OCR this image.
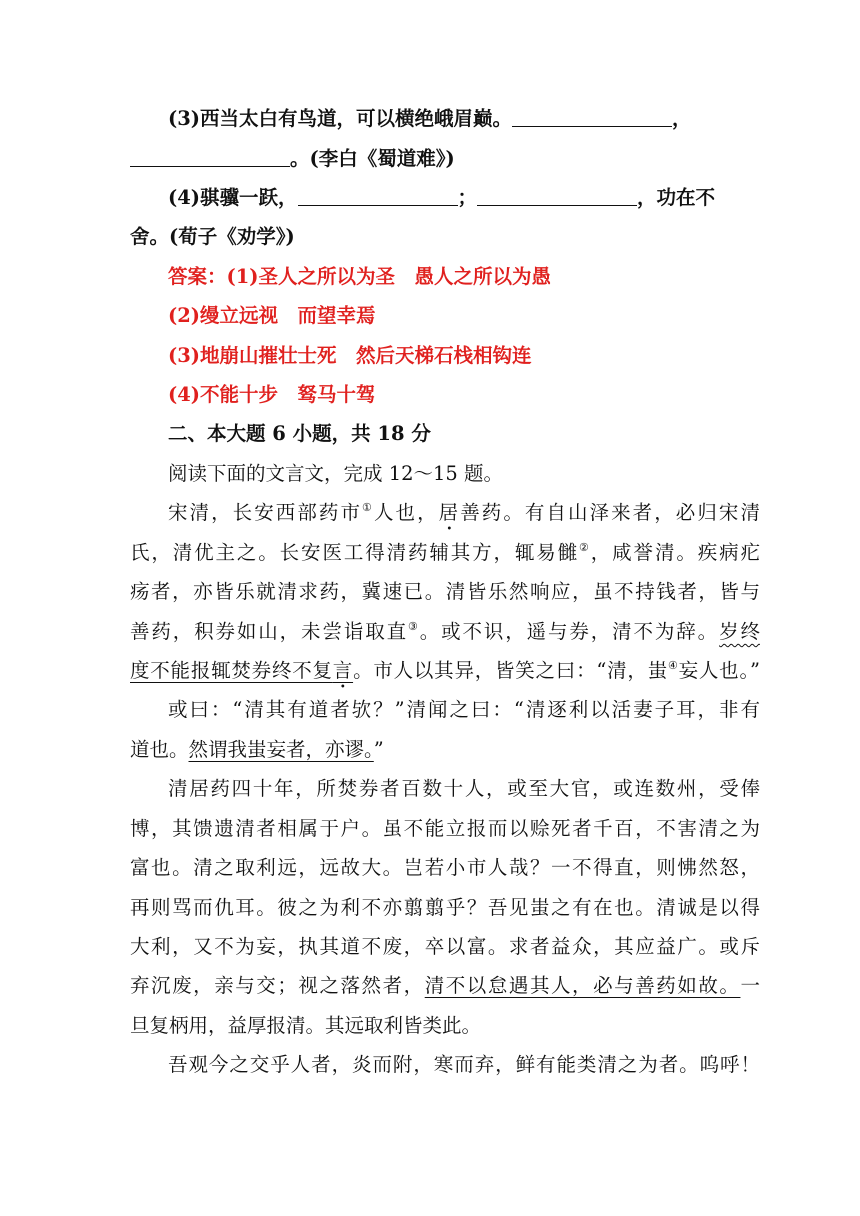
(3)西当太白有鸟道，可以横绝峨眉巅。	，
。(李白《蜀道难》)
(4)骐骥一跃，	；	，功在不
舍。(荀子《劝学》)
答案：(1)圣人之所以为圣　愚人之所以为愚
(2)缦立远视　而望幸焉
(3)地崩山摧壮士死　然后天梯石栈相钩连
(4)不能十步　驽马十驾
二、本大题 6 小题，共 18 分
阅读下面的文言文，完成 12～15 题。
宋清，长安西部药市①人也，居善药。有自山泽来者，必归宋清
氏，清优主之。长安医工得清药辅其方，辄易雠②，咸誉清。疾病疕
疡者，亦皆乐就清求药，冀速已。清皆乐然响应，虽不持钱者，皆与
善药，积券如山，未尝诣取直③。或不识，遥与券，清不为辞。岁终
度不能报辄焚券终不复言。市人以其异，皆笑之曰：“清，蚩④妄人也。”
或曰：“清其有道者欤？”清闻之曰：“清逐利以活妻子耳，非有
道也。然谓我蚩妄者，亦谬。”
清居药四十年，所焚券者百数十人，或至大官，或连数州，受俸
博，其馈遗清者相属于户。虽不能立报而以赊死者千百，不害清之为
富也。清之取利远，远故大。岂若小市人哉？一不得直，则怫然怒，
再则骂而仇耳。彼之为利不亦翦翦乎？吾见蚩之有在也。清诚是以得
大利，又不为妄，执其道不废，卒以富。求者益众，其应益广。或斥
弃沉废，亲与交；视之落然者，清不以怠遇其人，必与善药如故。一
旦复柄用，益厚报清。其远取利皆类此。
吾观今之交乎人者，炎而附，寒而弃，鲜有能类清之为者。呜呼！
